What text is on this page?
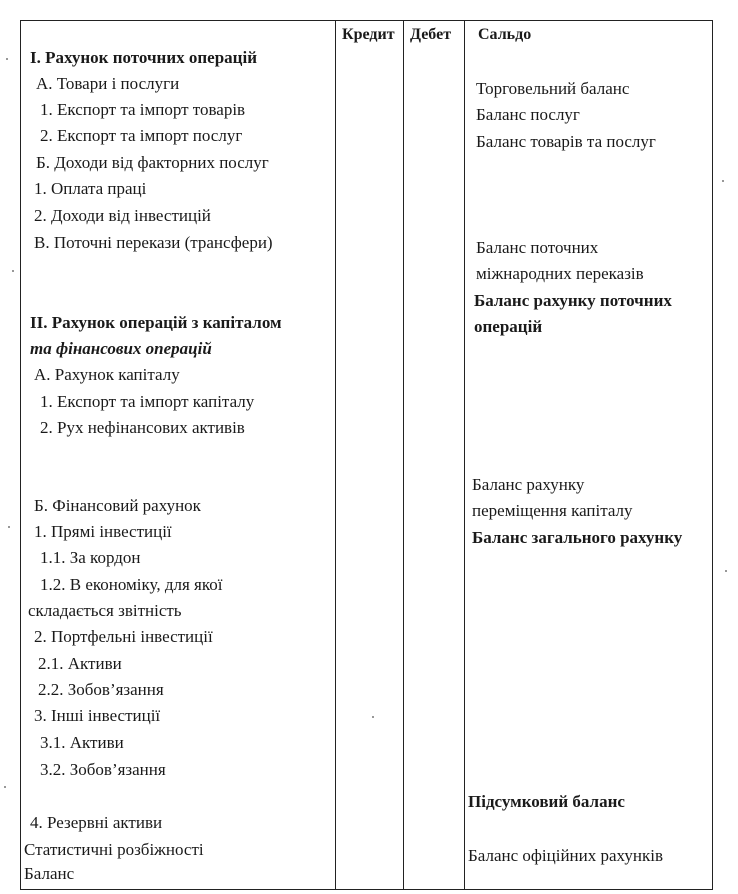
Кредит Дебет Сальдо
I. Рахунок поточних операцій
А. Товари і послуги
1. Експорт та імпорт товарів
2. Експорт та імпорт послуг
Б. Доходи від факторних послуг
1. Оплата праці
2. Доходи від інвестицій
В. Поточні перекази (трансфери)
II. Рахунок операцій з капіталом
та фінансових операцій
А. Рахунок капіталу
1. Експорт та імпорт капіталу
2. Рух нефінансових активів
Б. Фінансовий рахунок
1. Прямі інвестиції
1.1. За кордон
1.2. В економіку, для якої
складається звітність
2. Портфельні інвестиції
2.1. Активи
2.2. Зобов’язання
3. Інші інвестиції
3.1. Активи
3.2. Зобов’язання
4. Резервні активи
Статистичні розбіжності
Баланс
Торговельний баланс
Баланс послуг
Баланс товарів та послуг
Баланс поточних
міжнародних переказів
Баланс рахунку поточних
операцій
Баланс рахунку
переміщення капіталу
Баланс загального рахунку
Підсумковий баланс
Баланс офіційних рахунків
